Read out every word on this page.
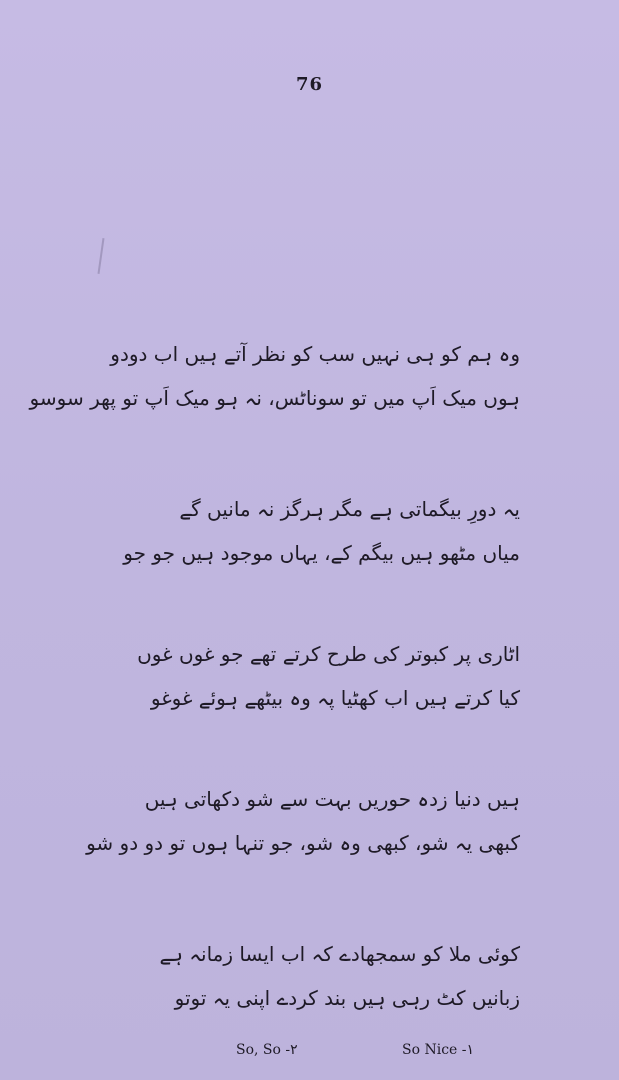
76
وہ ہم کو ہی نہیں سب کو نظر آتے ہیں اب دودو
ہوں میک اَپ میں تو سوناٹس، نہ ہو میک اَپ تو پھر سوسو
یہ دورِ بیگماتی ہے مگر ہرگز نہ مانیں گے
میاں مٹھو ہیں بیگم کے، یہاں موجود ہیں جو جو
اٹاری پر کبوتر کی طرح کرتے تھے جو غوں غوں
کیا کرتے ہیں اب کھٹیا پہ وہ بیٹھے ہوئے غوغو
ہیں دنیا زدہ حوریں بہت سے شو دکھاتی ہیں
کبھی یہ شو، کبھی وہ شو، جو تنہا ہوں تو دو دو شو
کوئی ملا کو سمجھادے کہ اب ایسا زمانہ ہے
زبانیں کٹ رہی ہیں بند کردے اپنی یہ توتو
So, So -۲	So Nice -۱
